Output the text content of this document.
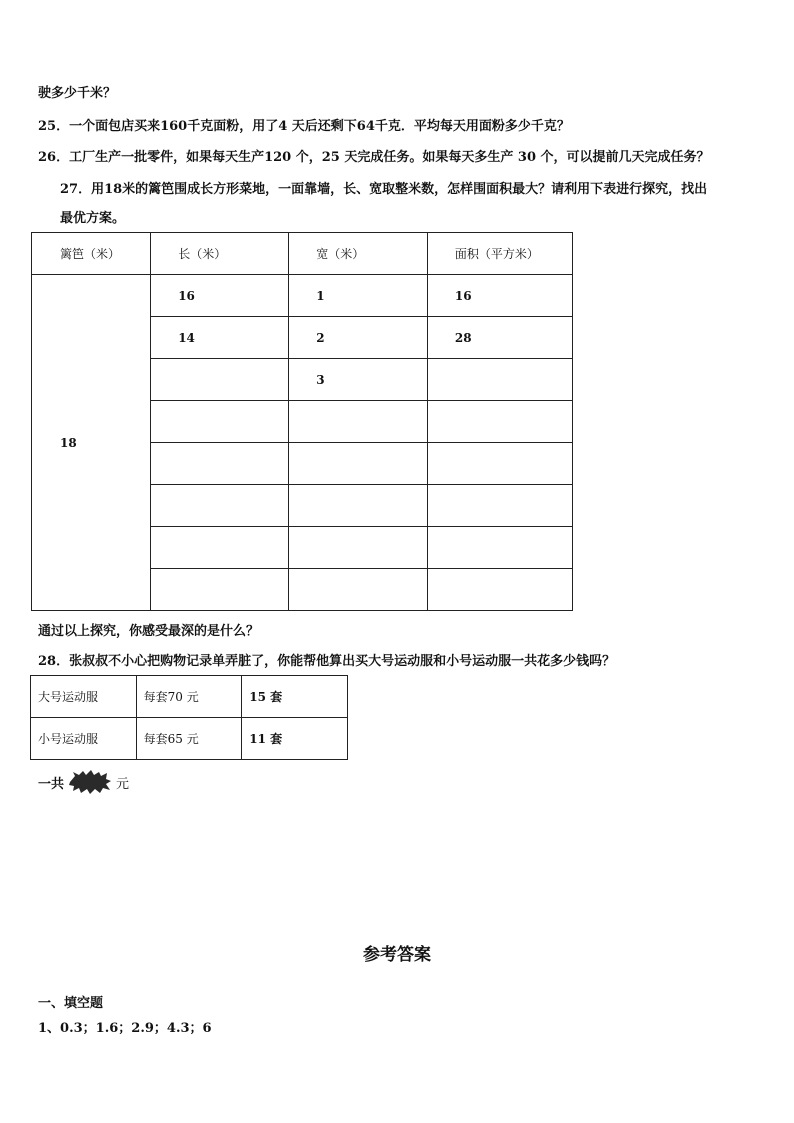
驶多少千米？
25．一个面包店买来160千克面粉，用了4 天后还剩下64千克．平均每天用面粉多少千克？
26．工厂生产一批零件，如果每天生产120 个，25 天完成任务。如果每天多生产 30 个，可以提前几天完成任务？
27．用18米的篱笆围成长方形菜地，一面靠墙，长、宽取整米数，怎样围面积最大？请利用下表进行探究，找出
最优方案。
篱笆（米）	长（米）	宽（米）	面积（平方米）
18	16	1	16
	14	2	28
		3	

通过以上探究，你感受最深的是什么？
28．张叔叔不小心把购物记录单弄脏了，你能帮他算出买大号运动服和小号运动服一共花多少钱吗？
大号运动服	每套70 元	15 套
小号运动服	每套65 元	11 套
一共	元
参考答案
一、填空题
1、0.3；1.6；2.9；4.3；6
